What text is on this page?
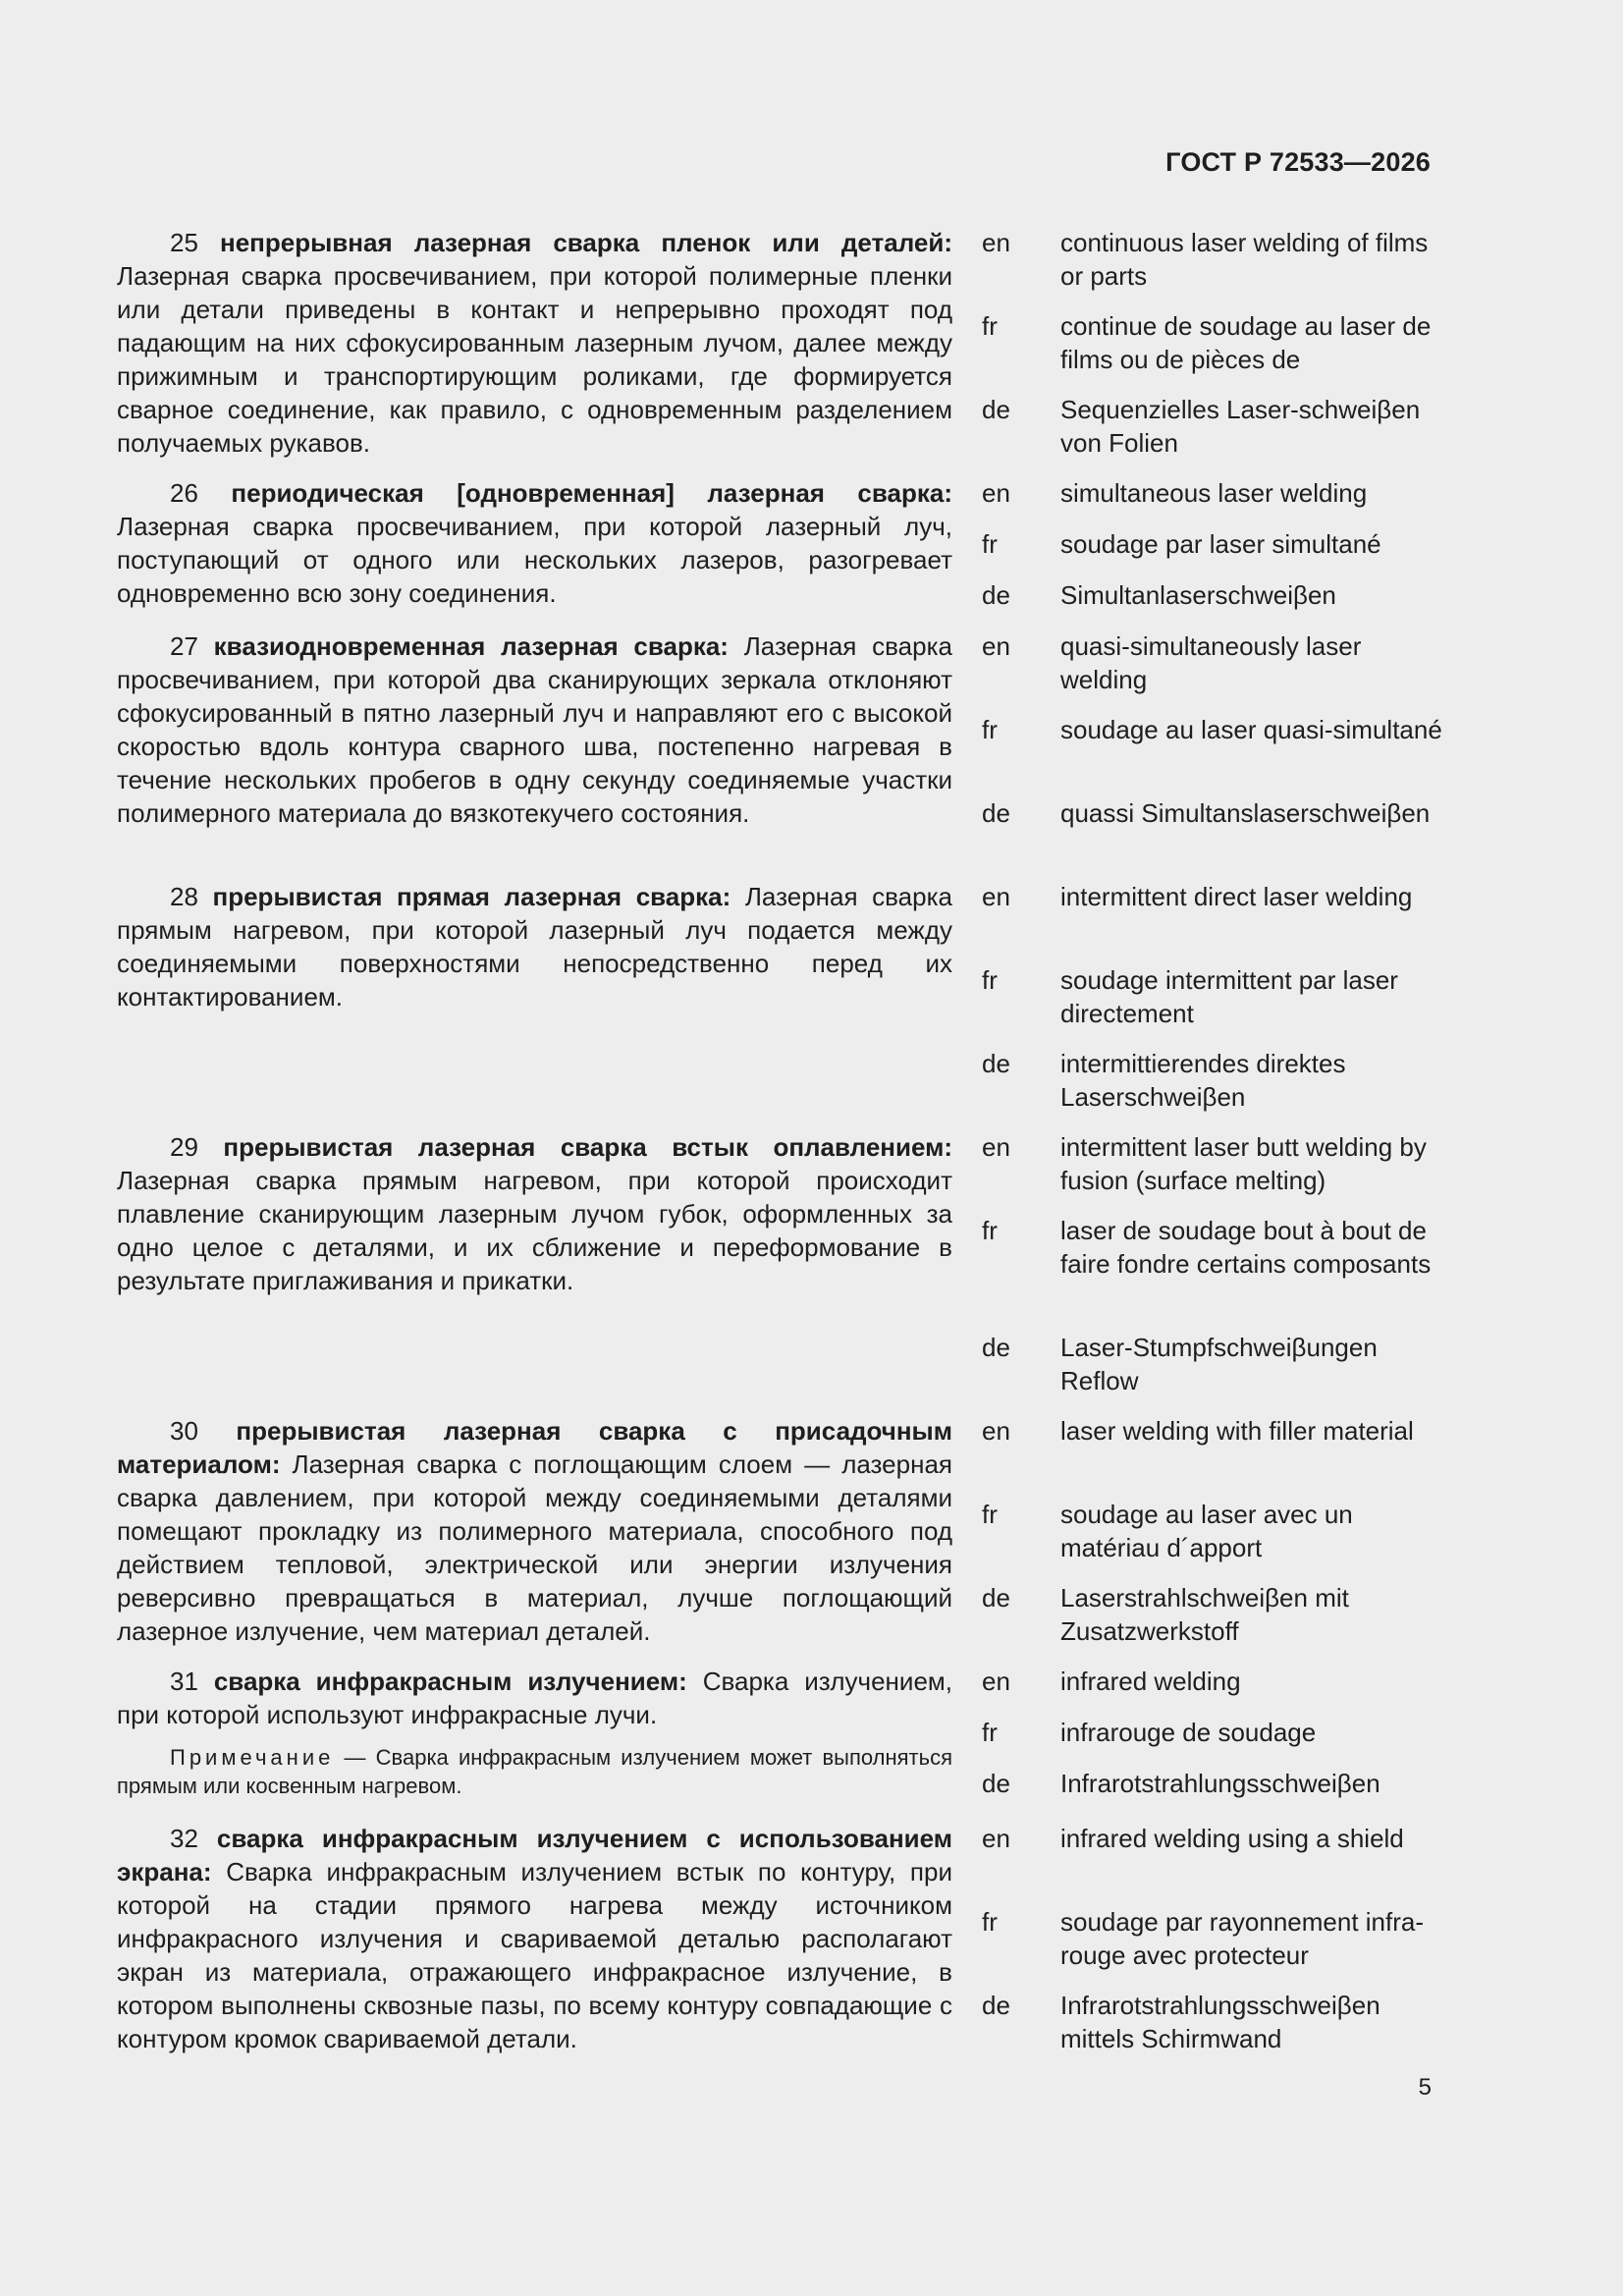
ГОСТ Р 72533—2026

25 непрерывная лазерная сварка пленок или деталей: Лазерная сварка просвечиванием, при которой полимерные пленки или детали приведены в контакт и непрерывно проходят под падающим на них сфокусированным лазерным лучом, далее между прижимным и транспортирующим роликами, где формируется сварное соединение, как правило, с одновременным разделением получаемых рукавов.

en continuous laser welding of films or parts
fr continue de soudage au laser de films ou de pièces de
de Sequenzielles Laser-schweiβen von Folien

26 периодическая [одновременная] лазерная сварка: Лазерная сварка просвечиванием, при которой лазерный луч, поступающий от одного или нескольких лазеров, разогревает одновременно всю зону соединения.

en simultaneous laser welding
fr soudage par laser simultané
de Simultanlaserschweiβen

27 квазиодновременная лазерная сварка: Лазерная сварка просвечиванием, при которой два сканирующих зеркала отклоняют сфокусированный в пятно лазерный луч и направляют его с высокой скоростью вдоль контура сварного шва, постепенно нагревая в течение нескольких пробегов в одну секунду соединяемые участки полимерного материала до вязкотекучего состояния.

en quasi-simultaneously laser welding
fr soudage au laser quasi-simultané
de quassi Simultanslaserschweiβen

28 прерывистая прямая лазерная сварка: Лазерная сварка прямым нагревом, при которой лазерный луч подается между соединяемыми поверхностями непосредственно перед их контактированием.

en intermittent direct laser welding
fr soudage intermittent par laser directement
de intermittierendes direktes Laserschweiβen

29 прерывистая лазерная сварка встык оплавлением: Лазерная сварка прямым нагревом, при которой происходит плавление сканирующим лазерным лучом губок, оформленных за одно целое с деталями, и их сближение и переформование в результате приглаживания и прикатки.

en intermittent laser butt welding by fusion (surface melting)
fr laser de soudage bout à bout de faire fondre certains composants
de Laser-Stumpfschweiβungen Reflow

30 прерывистая лазерная сварка с присадочным материалом: Лазерная сварка с поглощающим слоем — лазерная сварка давлением, при которой между соединяемыми деталями помещают прокладку из полимерного материала, способного под действием тепловой, электрической или энергии излучения реверсивно превращаться в материал, лучше поглощающий лазерное излучение, чем материал деталей.

en laser welding with filler material
fr soudage au laser avec un matériau d´apport
de Laserstrahlschweiβen mit Zusatzwerkstoff

31 сварка инфракрасным излучением: Сварка излучением, при которой используют инфракрасные лучи.

Примечание — Сварка инфракрасным излучением может выполняться прямым или косвенным нагревом.

en infrared welding
fr infrarouge de soudage
de Infrarotstrahlungsschweiβen

32 сварка инфракрасным излучением с использованием экрана: Сварка инфракрасным излучением встык по контуру, при которой на стадии прямого нагрева между источником инфракрасного излучения и свариваемой деталью располагают экран из материала, отражающего инфракрасное излучение, в котором выполнены сквозные пазы, по всему контуру совпадающие с контуром кромок свариваемой детали.

en infrared welding using a shield
fr soudage par rayonnement infra-rouge avec protecteur
de Infrarotstrahlungsschweiβen mittels Schirmwand
5
